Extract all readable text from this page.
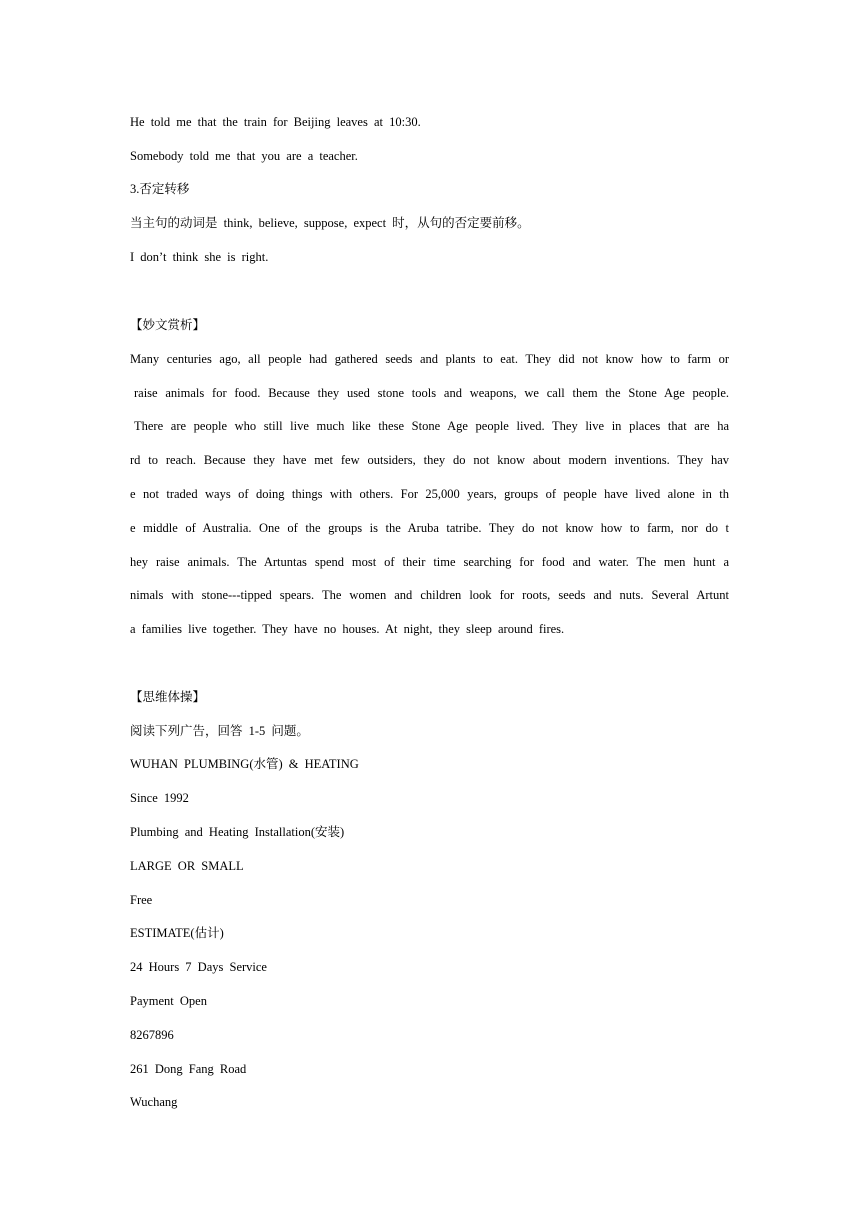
He told me that the train for Beijing leaves at 10:30.
Somebody told me that you are a teacher.
3.否定转移
当主句的动词是 think, believe, suppose, expect 时，从句的否定要前移。
I don’t think she is right.
【妙文赏析】
Many centuries ago, all people had gathered seeds and plants to eat. They did not know how to farm or
raise animals for food. Because they used stone tools and weapons, we call them the Stone Age people.
There are people who still live much like these Stone Age people lived. They live in places that are ha
rd to reach. Because they have met few outsiders, they do not know about modern inventions. They hav
e not traded ways of doing things with others. For 25,000 years, groups of people have lived alone in th
e middle of Australia. One of the groups is the Aruba tatribe. They do not know how to farm, nor do t
hey raise animals. The Artuntas spend most of their time searching for food and water. The men hunt a
nimals with stone---tipped spears. The women and children look for roots, seeds and nuts. Several Artunt
a families live together. They have no houses. At night, they sleep around fires.
【思维体操】
阅读下列广告，回答 1-5 问题。
WUHAN PLUMBING(水管) & HEATING
Since 1992
Plumbing and Heating Installation(安装)
LARGE OR SMALL
Free
ESTIMATE(估计)
24 Hours 7 Days Service
Payment Open
8267896
261 Dong Fang Road
Wuchang
